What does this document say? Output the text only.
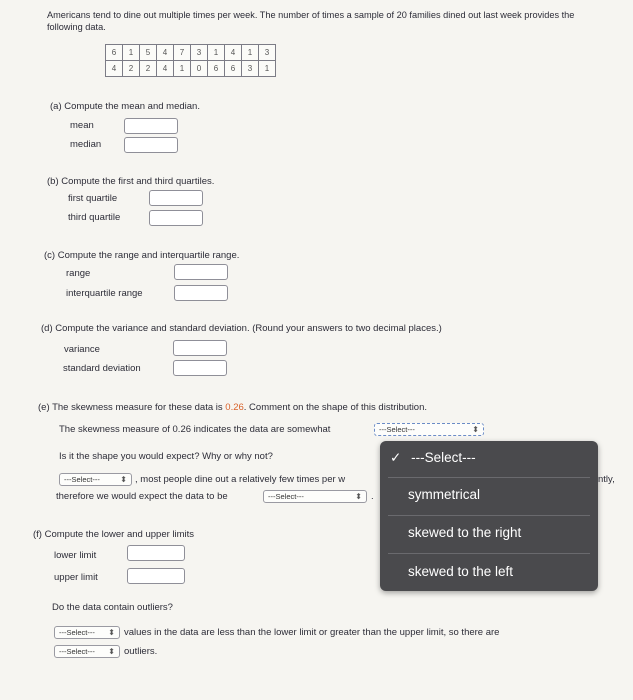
Americans tend to dine out multiple times per week. The number of times a sample of 20 families dined out last week provides the following data.
6	1	5	4	7	3	1	4	1	3
4	2	2	4	1	0	6	6	3	1
(a) Compute the mean and median.
mean
median
(b) Compute the first and third quartiles.
first quartile
third quartile
(c) Compute the range and interquartile range.
range
interquartile range
(d) Compute the variance and standard deviation. (Round your answers to two decimal places.)
variance
standard deviation
(e) The skewness measure for these data is 0.26. Comment on the shape of this distribution.
The skewness measure of 0.26 indicates the data are somewhat	---Select---	⬍
Is it the shape you would expect? Why or why not?
---Select---	⬍ , most people dine out a relatively few times per w	ntly,
therefore we would expect the data to be	---Select---	⬍ .
(f) Compute the lower and upper limits
lower limit
upper limit
Do the data contain outliers?
---Select--- ⬍ values in the data are less than the lower limit or greater than the upper limit, so there are
---Select--- ⬍ outliers.
✓ ---Select---
symmetrical
skewed to the right
skewed to the left
